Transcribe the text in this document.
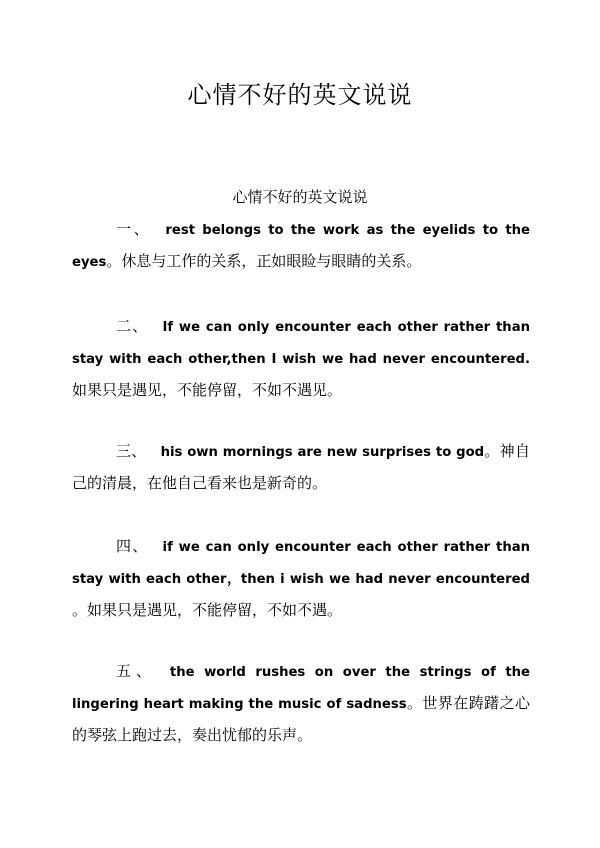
心情不好的英文说说
心情不好的英文说说
一、 rest belongs to the work as the eyelids to the eyes。休息与工作的关系，正如眼睑与眼睛的关系。
二、 If we can only encounter each other rather than stay with each other,then I wish we had never encountered. 如果只是遇见，不能停留，不如不遇见。
三、 his own mornings are new surprises to god。神自己的清晨，在他自己看来也是新奇的。
四、 if we can only encounter each other rather than stay with each other，then i wish we had never encountered 。如果只是遇见，不能停留，不如不遇。
五、 the world rushes on over the strings of the lingering heart making the music of sadness。世界在踌躇之心的琴弦上跑过去，奏出忧郁的乐声。
